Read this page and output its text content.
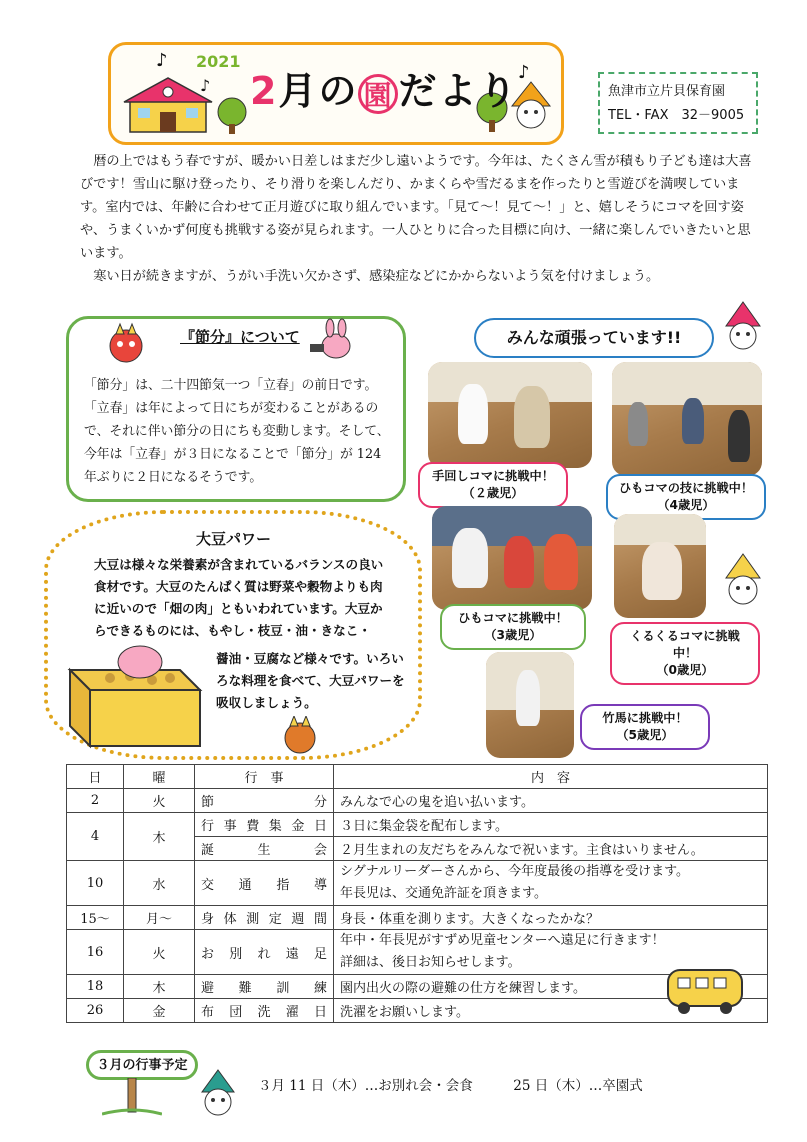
♪
♪
♪
2021
2月の 園 だより	魚津市立片貝保育園
TEL・FAX　32－9005

暦の上ではもう春ですが、暖かい日差しはまだ少し遠いようです。今年は、たくさん雪が積もり子ども達は大喜びです！雪山に駆け登ったり、そり滑りを楽しんだり、かまくらや雪だるまを作ったりと雪遊びを満喫しています。室内では、年齢に合わせて正月遊びに取り組んでいます。「見て～！見て～！」と、嬉しそうにコマを回す姿や、うまくいかず何度も挑戦する姿が見られます。一人ひとりに合った目標に向け、一緒に楽しんでいきたいと思います。

寒い日が続きますが、うがい手洗い欠かさず、感染症などにかからないよう気を付けましょう。

『節分』について
「節分」は、二十四節気一つ「立春」の前日です。「立春」は年によって日にちが変わることがあるので、それに伴い節分の日にちも変動します。そして、今年は「立春」が３日になることで「節分」が 124 年ぶりに２日になるそうです。
大豆パワー
大豆は様々な栄養素が含まれているバランスの良い食材です。大豆のたんぱく質は野菜や穀物よりも肉に近いので「畑の肉」ともいわれています。大豆からできるものには、もやし・枝豆・油・きなこ・
醤油・豆腐など様々です。いろいろな料理を食べて、大豆パワーを吸収しましょう。
みんな頑張っています!!
手回しコマに挑戦中！
（２歳児）	ひもコマの技に挑戦中！
（4歳児）
ひもコマに挑戦中！
（3歳児）	くるくるコマに挑戦中！
（0歳児）
竹馬に挑戦中！
（5歳児）
日	曜	行　事	内　容
2	火	節分	みんなで心の鬼を追い払います。
4	木	行事費集金日	３日に集金袋を配布します。
		誕生会	２月生まれの友だちをみんなで祝います。主食はいりません。
10	水	交通指導	シグナルリーダーさんから、今年度最後の指導を受けます。
年長児は、交通免許証を頂きます。

15～	月～	身体測定週間	身長・体重を測ります。大きくなったかな？
16	火	お別れ遠足	年中・年長児がすずめ児童センターへ遠足に行きます！
詳細は、後日お知らせします。

18	木	避難訓練	園内出火の際の避難の仕方を練習します。
26	金	布団洗濯日	洗濯をお願いします。
３月の行事予定
３月 11 日（木）…お別れ会・会食　　　25 日（木）…卒園式
